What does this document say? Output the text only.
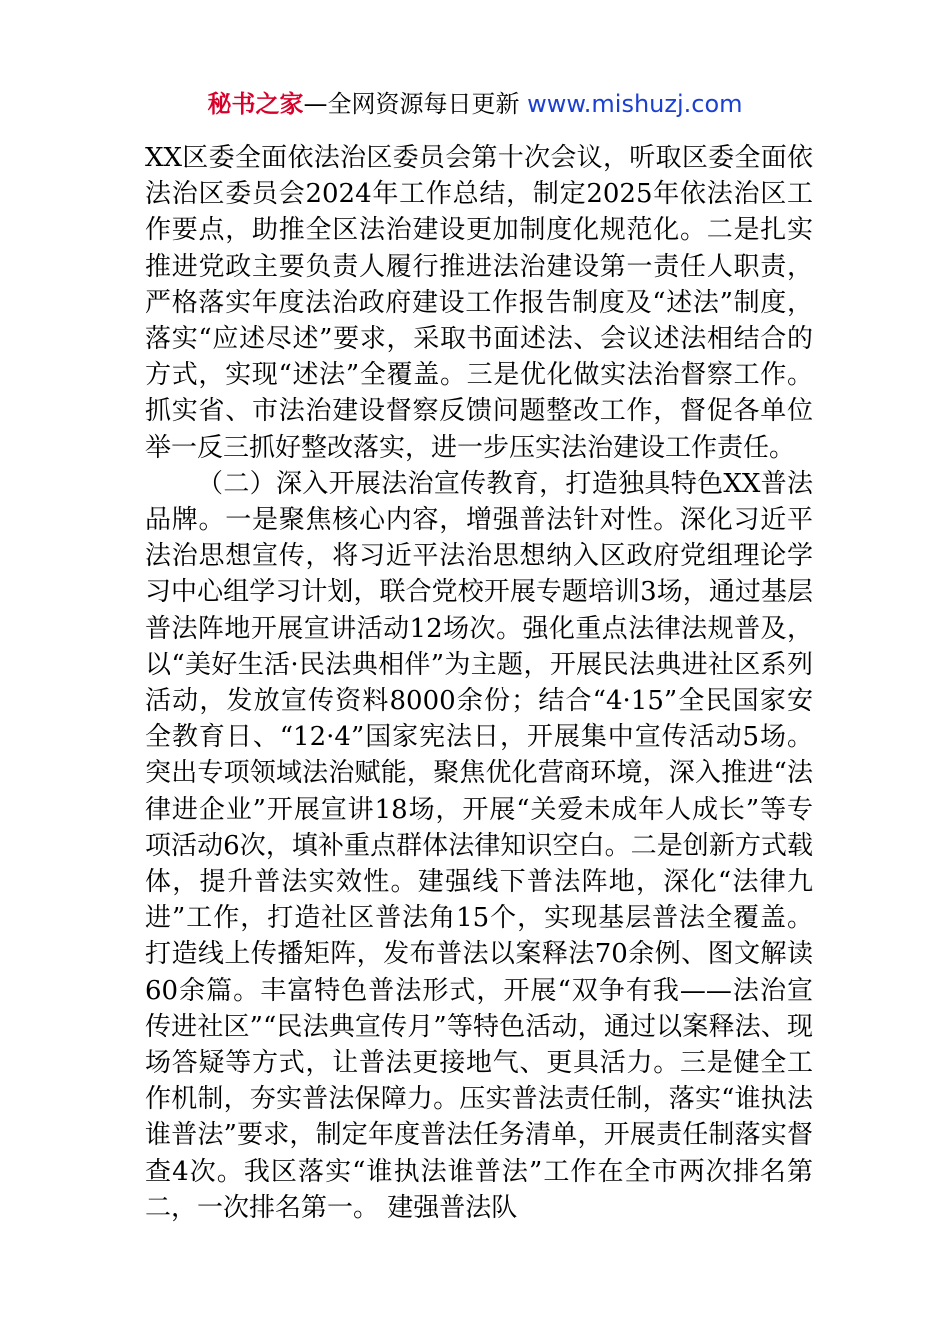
秘书之家—全网资源每日更新 www.mishuzj.com

XX区委全面依法治区委员会第十次会议，听取区委全面依法治区委员会2024年工作总结，制定2025年依法治区工作要点，助推全区法治建设更加制度化规范化。二是扎实推进党政主要负责人履行推进法治建设第一责任人职责，严格落实年度法治政府建设工作报告制度及“述法”制度，落实“应述尽述”要求，采取书面述法、会议述法相结合的方式，实现“述法”全覆盖。三是优化做实法治督察工作。抓实省、市法治建设督察反馈问题整改工作，督促各单位举一反三抓好整改落实，进一步压实法治建设工作责任。

（二）深入开展法治宣传教育，打造独具特色XX普法品牌。一是聚焦核心内容，增强普法针对性。深化习近平法治思想宣传，将习近平法治思想纳入区政府党组理论学习中心组学习计划，联合党校开展专题培训3场，通过基层普法阵地开展宣讲活动12场次。强化重点法律法规普及，以“美好生活·民法典相伴”为主题，开展民法典进社区系列活动，发放宣传资料8000余份；结合“4·15”全民国家安全教育日、“12·4”国家宪法日，开展集中宣传活动5场。突出专项领域法治赋能，聚焦优化营商环境，深入推进“法律进企业”开展宣讲18场，开展“关爱未成年人成长”等专项活动6次，填补重点群体法律知识空白。二是创新方式载体，提升普法实效性。建强线下普法阵地，深化“法律九进”工作，打造社区普法角15个，实现基层普法全覆盖。打造线上传播矩阵，发布普法以案释法70余例、图文解读60余篇。丰富特色普法形式，开展“双争有我——法治宣传进社区”“民法典宣传月”等特色活动，通过以案释法、现场答疑等方式，让普法更接地气、更具活力。三是健全工作机制，夯实普法保障力。压实普法责任制，落实“谁执法谁普法”要求，制定年度普法任务清单，开展责任制落实督查4次。我区落实“谁执法谁普法”工作在全市两次排名第二，一次排名第一。 建强普法队
